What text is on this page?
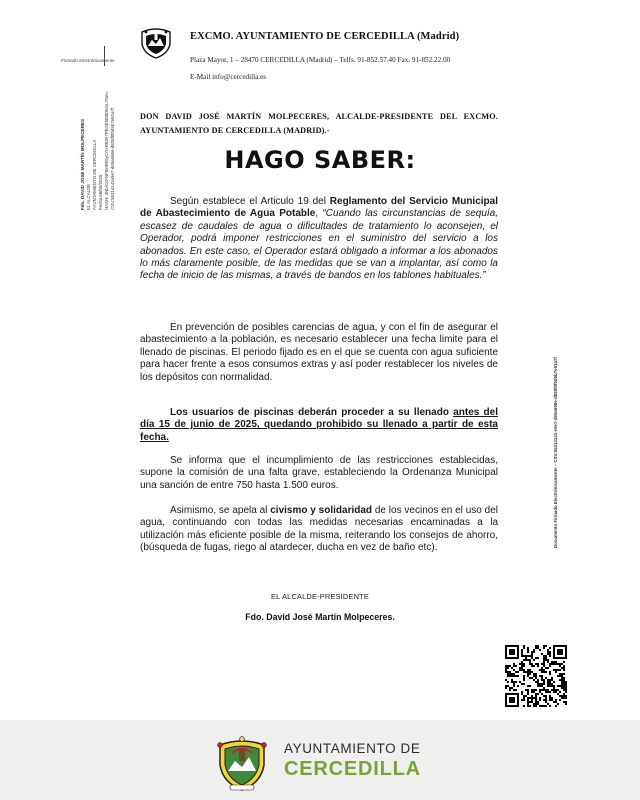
EXCMO. AYUNTAMIENTO DE CERCEDILLA (Madrid)
Plaza Mayor, 1 – 28470 CERCEDILLA (Madrid) – Telfs. 91-852.57.40 Fax. 91-852.22.00
E-Mail info@cercedilla.es
Firmado Electrónicamente
Fdo. DAVID JOSÉ MARTÍN MOLPECERES EL ALCALDE AYUNTAMIENTO DE CERCEDILLA Fecha 05/06/2025 HASH: 4Nb/CcFNF5e9Ri6yCGxR8Ze7PhGE50t8D6GLY0w= CSV:55314141e5e7-d65a658e-d828f0f0d5b7e51a7f
Documento Firmado Electrónicamente – CSV:55314141-e5e7-d65a658e-d828f0f0d5b7e51a7f
DON DAVID JOSÉ MARTÍN MOLPECERES, ALCALDE-PRESIDENTE DEL EXCMO. AYUNTAMIENTO DE CERCEDILLA (MADRID).-
HAGO SABER:

Según establece el Articulo 19 del Reglamento del Servicio Municipal de Abastecimiento de Agua Potable, “Cuando las circunstancias de sequía, escasez de caudales de agua o dificultades de tratamiento lo aconsejen, el Operador, podrá imponer restricciones en el suministro del servicio a los abonados. En este caso, el Operador estará obligado a informar a los abonados lo más claramente posible, de las medidas que se van a implantar, así como la fecha de inicio de las mismas, a través de bandos en los tablones habituales.”

En prevención de posibles carencias de agua, y con el fin de asegurar el abastecimiento a la población, es necesario establecer una fecha limite para el llenado de piscinas. El periodo fijado es en el que se cuenta con agua suficiente para hacer frente a esos consumos extras y así poder restablecer los niveles de los depósitos con normalidad.

Los usuarios de piscinas deberán proceder a su llenado antes del día 15 de junio de 2025, quedando prohibido su llenado a partir de esta fecha.

Se informa que el incumplimiento de las restricciones establecidas, supone la comisión de una falta grave, estableciendo la Ordenanza Municipal una sanción de entre 750 hasta 1.500 euros.

Asimismo, se apela al civismo y solidaridad de los vecinos en el uso del agua, continuando con todas las medidas necesarias encaminadas a la utilización más eficiente posible de la misma, reiterando los consejos de ahorro, (búsqueda de fugas, riego al atardecer, ducha en vez de baño etc).

EL ALCALDE-PRESIDENTE
Fdo. David José Martín Molpeceres.
AYUNTAMIENTO DE
CERCEDILLA
